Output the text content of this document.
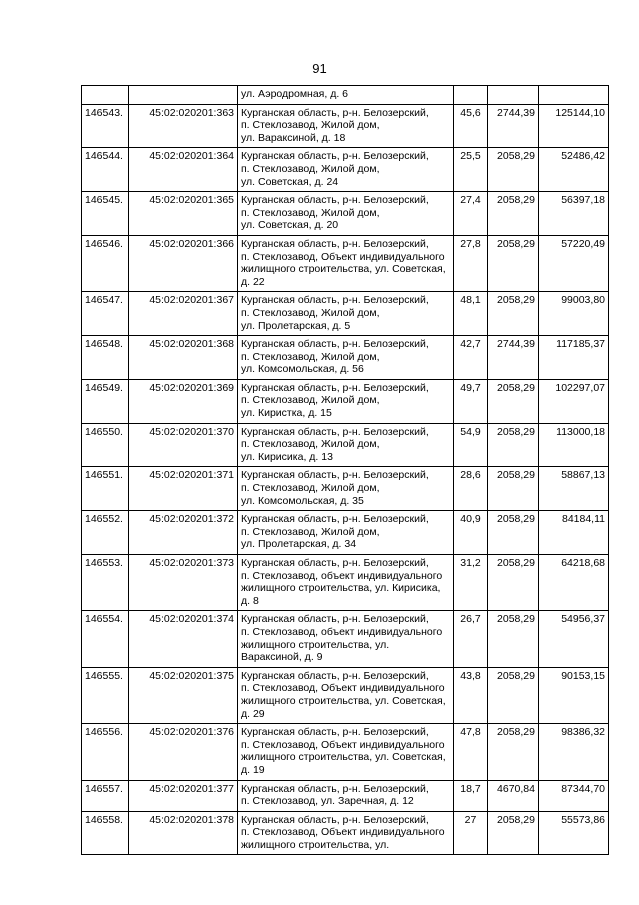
91

		ул. Аэродромная, д. 6			

146543.	45:02:020201:363	Курганская область, р-н. Белозерский,
п. Стеклозавод, Жилой дом,
ул. Вараксиной, д. 18	45,6	2744,39	125144,10
146544.	45:02:020201:364	Курганская область, р-н. Белозерский,
п. Стеклозавод, Жилой дом,
ул. Советская, д. 24	25,5	2058,29	52486,42
146545.	45:02:020201:365	Курганская область, р-н. Белозерский,
п. Стеклозавод, Жилой дом,
ул. Советская, д. 20	27,4	2058,29	56397,18
146546.	45:02:020201:366	Курганская область, р-н. Белозерский,
п. Стеклозавод, Объект индивидуального
жилищного строительства, ул. Советская,
д. 22	27,8	2058,29	57220,49
146547.	45:02:020201:367	Курганская область, р-н. Белозерский,
п. Стеклозавод, Жилой дом,
ул. Пролетарская, д. 5	48,1	2058,29	99003,80
146548.	45:02:020201:368	Курганская область, р-н. Белозерский,
п. Стеклозавод, Жилой дом,
ул. Комсомольская, д. 56	42,7	2744,39	117185,37
146549.	45:02:020201:369	Курганская область, р-н. Белозерский,
п. Стеклозавод, Жилой дом,
ул. Киристка, д. 15	49,7	2058,29	102297,07
146550.	45:02:020201:370	Курганская область, р-н. Белозерский,
п. Стеклозавод, Жилой дом,
ул. Кирисика, д. 13	54,9	2058,29	113000,18
146551.	45:02:020201:371	Курганская область, р-н. Белозерский,
п. Стеклозавод, Жилой дом,
ул. Комсомольская, д. 35	28,6	2058,29	58867,13
146552.	45:02:020201:372	Курганская область, р-н. Белозерский,
п. Стеклозавод, Жилой дом,
ул. Пролетарская, д. 34	40,9	2058,29	84184,11
146553.	45:02:020201:373	Курганская область, р-н. Белозерский,
п. Стеклозавод, объект индивидуального
жилищного строительства, ул. Кирисика,
д. 8	31,2	2058,29	64218,68
146554.	45:02:020201:374	Курганская область, р-н. Белозерский,
п. Стеклозавод, объект индивидуального
жилищного строительства, ул.
Вараксиной, д. 9	26,7	2058,29	54956,37
146555.	45:02:020201:375	Курганская область, р-н. Белозерский,
п. Стеклозавод, Объект индивидуального
жилищного строительства, ул. Советская,
д. 29	43,8	2058,29	90153,15
146556.	45:02:020201:376	Курганская область, р-н. Белозерский,
п. Стеклозавод, Объект индивидуального
жилищного строительства, ул. Советская,
д. 19	47,8	2058,29	98386,32
146557.	45:02:020201:377	Курганская область, р-н. Белозерский,
п. Стеклозавод, ул. Заречная, д. 12	18,7	4670,84	87344,70
146558.	45:02:020201:378	Курганская область, р-н. Белозерский,
п. Стеклозавод, Объект индивидуального
жилищного строительства, ул.	27	2058,29	55573,86
